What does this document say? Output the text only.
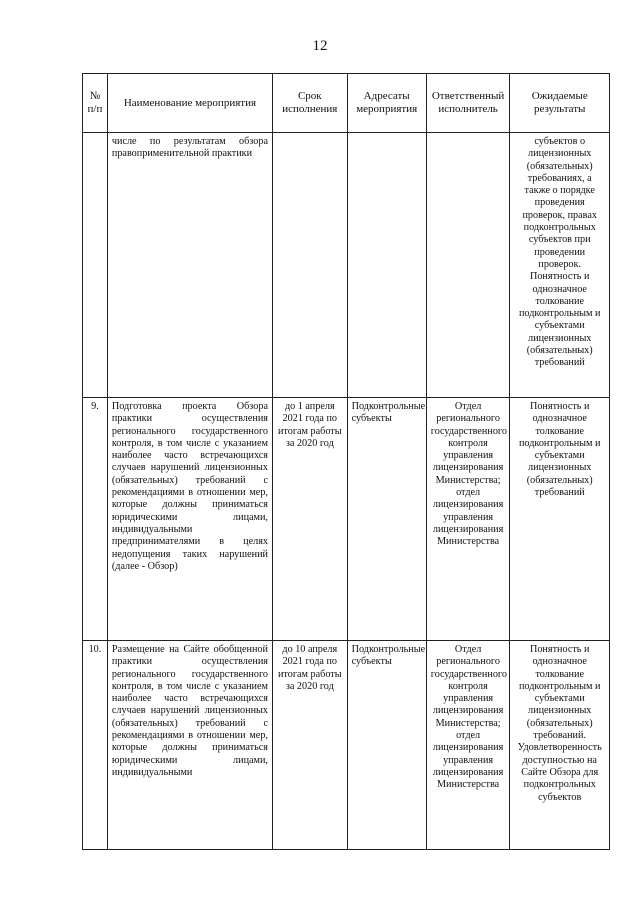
12
№ п/п	Наименование мероприятия	Срок исполнения	Адресаты мероприятия	Ответственный исполнитель	Ожидаемые результаты
	числе по результатам обзора правоприменительной практики				субъектов о лицензионных (обязательных) требованиях, а также о порядке проведения проверок, правах подконтрольных субъектов при проведении проверок. Понятность и однозначное толкование подконтрольным и субъектами лицензионных (обязательных) требований
9.	Подготовка проекта Обзора практики осуществления регионального государственного контроля, в том числе с указанием наиболее часто встречающихся случаев нарушений лицензионных (обязательных) требований с рекомендациями в отношении мер, которые должны приниматься юридическими лицами, индивидуальными предпринимателями в целях недопущения таких нарушений (далее - Обзор)	до 1 апреля 2021 года по итогам работы за 2020 год	Подконтрольные субъекты	Отдел регионального государственного контроля управления лицензирования Министерства; отдел лицензирования управления лицензирования Министерства	Понятность и однозначное толкование подконтрольным и субъектами лицензионных (обязательных) требований
10.	Размещение на Сайте обобщенной практики осуществления регионального государственного контроля, в том числе с указанием наиболее часто встречающихся случаев нарушений лицензионных (обязательных) требований с рекомендациями в отношении мер, которые должны приниматься юридическими лицами, индивидуальными	до 10 апреля 2021 года по итогам работы за 2020 год	Подконтрольные субъекты	Отдел регионального государственного контроля управления лицензирования Министерства; отдел лицензирования управления лицензирования Министерства	Понятность и однозначное толкование подконтрольным и субъектами лицензионных (обязательных) требований. Удовлетворенность доступностью на Сайте Обзора для подконтрольных субъектов
